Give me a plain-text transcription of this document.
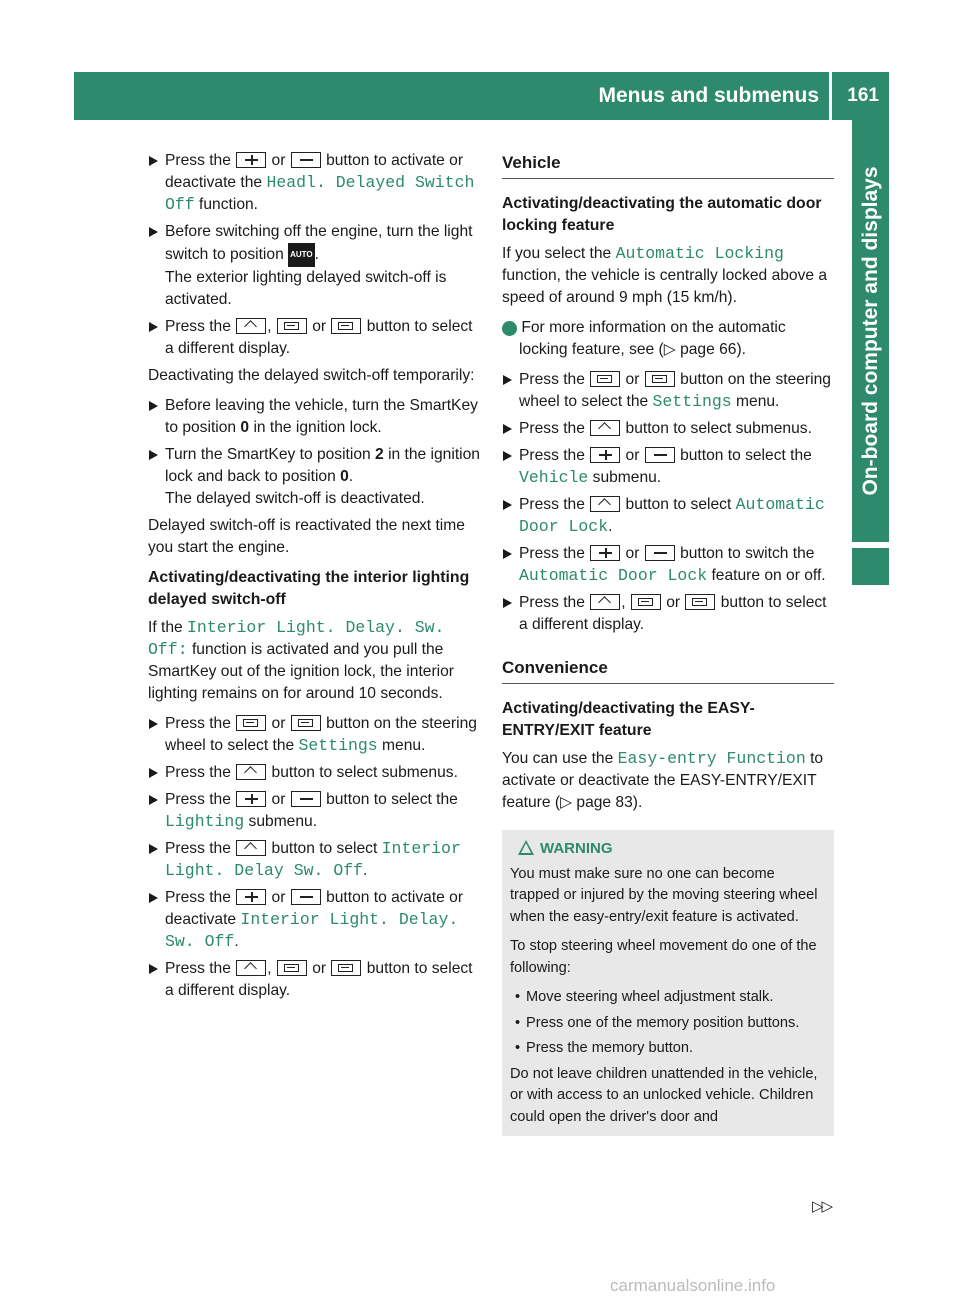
Menus and submenus 161
On-board computer and displays
Press the  or  button to activate or deactivate the Headl. Delayed Switch Off function.
Before switching off the engine, turn the light switch to position AUTO .
The exterior lighting delayed switch-off is activated.
Press the ,  or  button to select a different display.

Deactivating the delayed switch-off temporarily:

Before leaving the vehicle, turn the SmartKey to position 0 in the ignition lock.
Turn the SmartKey to position 2 in the ignition lock and back to position 0.
The delayed switch-off is deactivated.

Delayed switch-off is reactivated the next time you start the engine.

Activating/deactivating the interior lighting delayed switch-off

If the Interior Light. Delay. Sw. Off: function is activated and you pull the SmartKey out of the ignition lock, the interior lighting remains on for around 10 seconds.

Press the  or  button on the steering wheel to select the Settings menu.
Press the  button to select submenus.
Press the  or  button to select the Lighting submenu.
Press the  button to select Interior Light. Delay Sw. Off.
Press the  or  button to activate or deactivate Interior Light. Delay. Sw. Off.
Press the ,  or  button to select a different display.
Vehicle
Activating/deactivating the automatic door locking feature

If you select the Automatic Locking function, the vehicle is centrally locked above a speed of around 9 mph (15 km/h).

i For more information on the automatic locking feature, see (▷ page 66).

Press the  or  button on the steering wheel to select the Settings menu.
Press the  button to select submenus.
Press the  or  button to select the Vehicle submenu.
Press the  button to select Automatic Door Lock.
Press the  or  button to switch the Automatic Door Lock feature on or off.
Press the ,  or  button to select a different display.
Convenience
Activating/deactivating the EASY-ENTRY/EXIT feature

You can use the Easy-entry Function to activate or deactivate the EASY-ENTRY/EXIT feature (▷ page 83).

WARNING

You must make sure no one can become trapped or injured by the moving steering wheel when the easy-entry/exit feature is activated.

To stop steering wheel movement do one of the following:

• Move steering wheel adjustment stalk.
• Press one of the memory position buttons.
• Press the memory button.

Do not leave children unattended in the vehicle, or with access to an unlocked vehicle. Children could open the driver's door and

▷▷
carmanualsonline.info
